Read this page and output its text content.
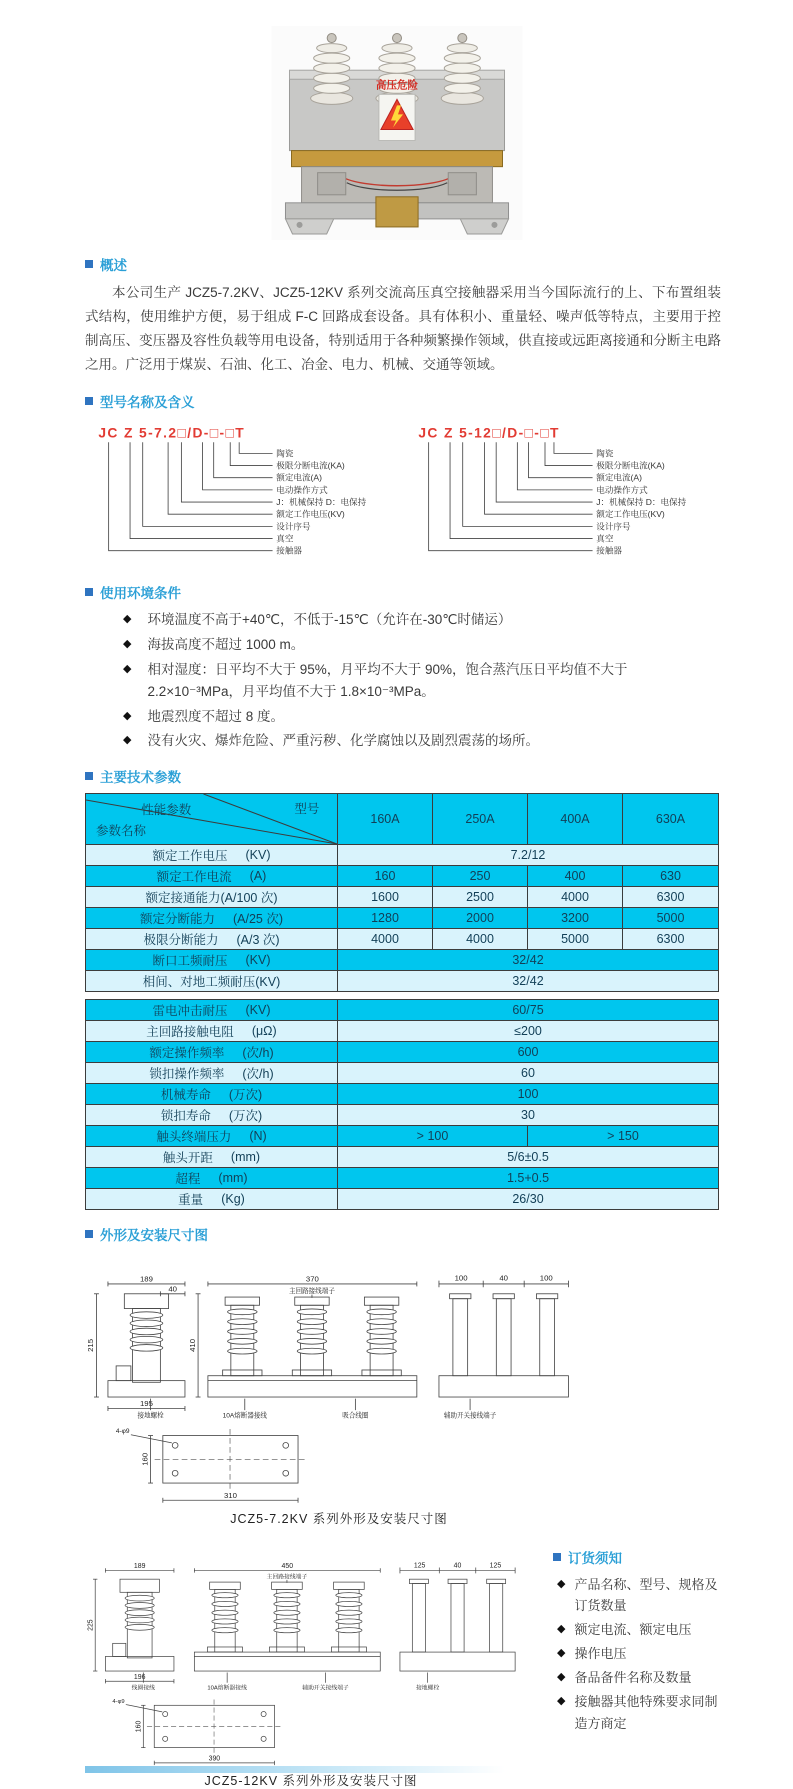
高压危险
概述

本公司生产 JCZ5-7.2KV、JCZ5-12KV 系列交流高压真空接触器采用当今国际流行的上、下布置组装式结构，使用维护方便，易于组成 F-C 回路成套设备。具有体积小、重量轻、噪声低等特点，主要用于控制高压、变压器及容性负载等用电设备，特别适用于各种频繁操作领域，供直接或远距离接通和分断主电路之用。广泛用于煤炭、石油、化工、冶金、电力、机械、交通等领域。

型号名称及含义
JC Z 5-7.2□/D-□-□T
陶瓷
极限分断电流(KA)
额定电流(A)
电动操作方式
J：机械保持 D：电保持
额定工作电压(KV)
设计序号
真空
接触器
JC Z 5-12□/D-□-□T
陶瓷
极限分断电流(KA)
额定电流(A)
电动操作方式
J：机械保持 D：电保持
额定工作电压(KV)
设计序号
真空
接触器
使用环境条件
◆ 环境温度不高于+40℃，不低于-15℃（允许在-30℃时储运）
◆ 海拔高度不超过 1000 m。
◆ 相对湿度：日平均不大于 95%，月平均不大于 90%，饱合蒸汽压日平均值不大于 2.2×10⁻³MPa，月平均值不大于 1.8×10⁻³MPa。
◆ 地震烈度不超过 8 度。
◆ 没有火灾、爆炸危险、严重污秽、化学腐蚀以及剧烈震荡的场所。
主要技术参数
性能参数 型号
参数名称	160A	250A	400A	630A

额定工作电压 (KV)	7.2/12			

额定工作电流 (A)	160	250	400	630

额定接通能力(A/100 次)	1600	2500	4000	6300

额定分断能力 (A/25 次)	1280	2000	3200	5000

极限分断能力 (A/3 次)	4000	4000	5000	6300

断口工频耐压 (KV)	32/42			

相间、对地工频耐压(KV)	32/42			

雷电冲击耐压 (KV)	60/75			

主回路接触电阻 (μΩ)	≤200			

额定操作频率 (次/h)	600			

锁扣操作频率 (次/h)	60			

机械寿命 (万次)	100			

锁扣寿命 (万次)	30			

触头终端压力 (N)	> 100		> 150	

触头开距 (mm)	5/6±0.5			

超程 (mm)	1.5+0.5			

重量 (Kg)	26/30			
外形及安装尺寸图
189
40
215
195
370
410
100	40	100
310
160
主回路接线端子
接地螺栓	10A熔断器接线	吸合线圈	辅助开关接线端子
4-φ9
JCZ5-7.2KV 系列外形及安装尺寸图
189
225
196
450	125	40	125
390
160
主回路接线端子
线圈接线	10A熔断器接线	辅助开关接线端子	接地螺栓
4-φ9
JCZ5-12KV 系列外形及安装尺寸图
订货须知
◆ 产品名称、型号、规格及订货数量
◆ 额定电流、额定电压
◆ 操作电压
◆ 备品备件名称及数量
◆ 接触器其他特殊要求同制造方商定
